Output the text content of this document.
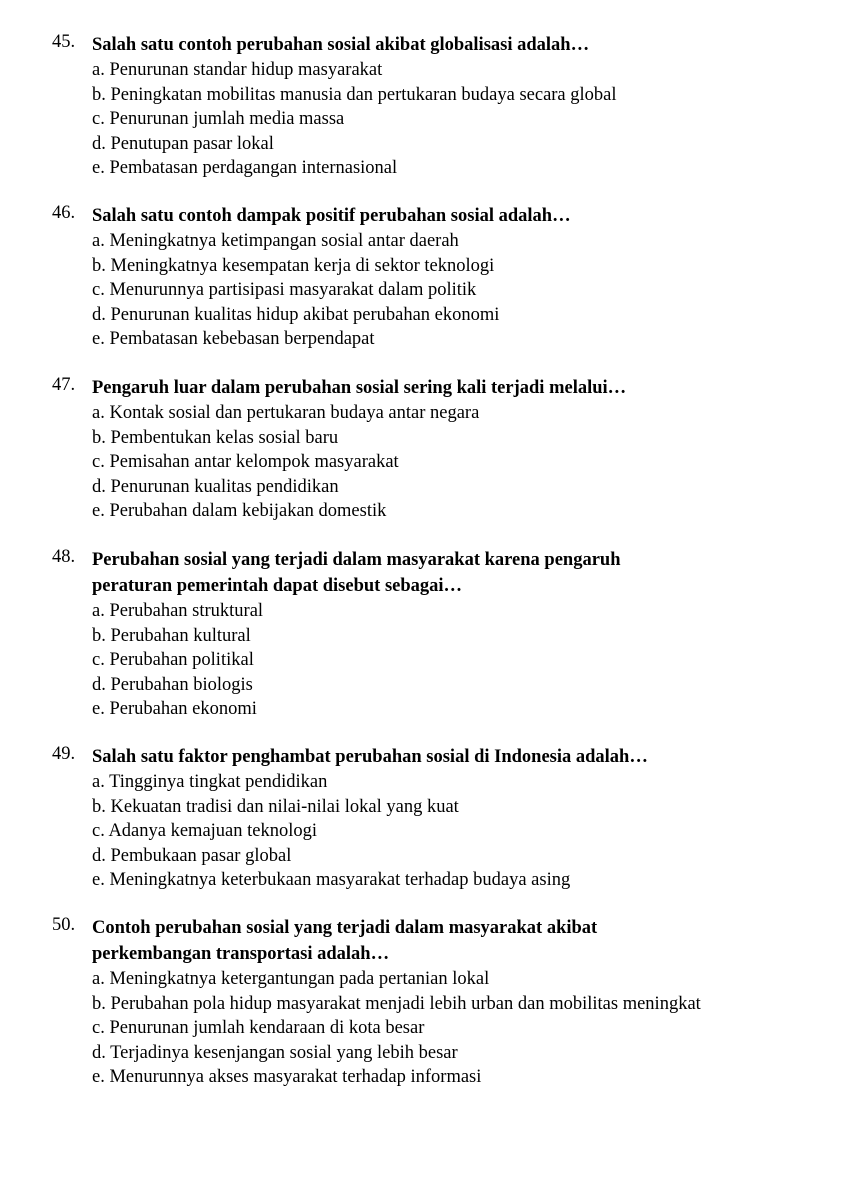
45. Salah satu contoh perubahan sosial akibat globalisasi adalah…
a. Penurunan standar hidup masyarakat
b. Peningkatan mobilitas manusia dan pertukaran budaya secara global
c. Penurunan jumlah media massa
d. Penutupan pasar lokal
e. Pembatasan perdagangan internasional
46. Salah satu contoh dampak positif perubahan sosial adalah…
a. Meningkatnya ketimpangan sosial antar daerah
b. Meningkatnya kesempatan kerja di sektor teknologi
c. Menurunnya partisipasi masyarakat dalam politik
d. Penurunan kualitas hidup akibat perubahan ekonomi
e. Pembatasan kebebasan berpendapat
47. Pengaruh luar dalam perubahan sosial sering kali terjadi melalui…
a. Kontak sosial dan pertukaran budaya antar negara
b. Pembentukan kelas sosial baru
c. Pemisahan antar kelompok masyarakat
d. Penurunan kualitas pendidikan
e. Perubahan dalam kebijakan domestik
48. Perubahan sosial yang terjadi dalam masyarakat karena pengaruh
peraturan pemerintah dapat disebut sebagai…
a. Perubahan struktural
b. Perubahan kultural
c. Perubahan politikal
d. Perubahan biologis
e. Perubahan ekonomi
49. Salah satu faktor penghambat perubahan sosial di Indonesia adalah…
a. Tingginya tingkat pendidikan
b. Kekuatan tradisi dan nilai-nilai lokal yang kuat
c. Adanya kemajuan teknologi
d. Pembukaan pasar global
e. Meningkatnya keterbukaan masyarakat terhadap budaya asing
50. Contoh perubahan sosial yang terjadi dalam masyarakat akibat
perkembangan transportasi adalah…
a. Meningkatnya ketergantungan pada pertanian lokal
b. Perubahan pola hidup masyarakat menjadi lebih urban dan mobilitas meningkat
c. Penurunan jumlah kendaraan di kota besar
d. Terjadinya kesenjangan sosial yang lebih besar
e. Menurunnya akses masyarakat terhadap informasi
